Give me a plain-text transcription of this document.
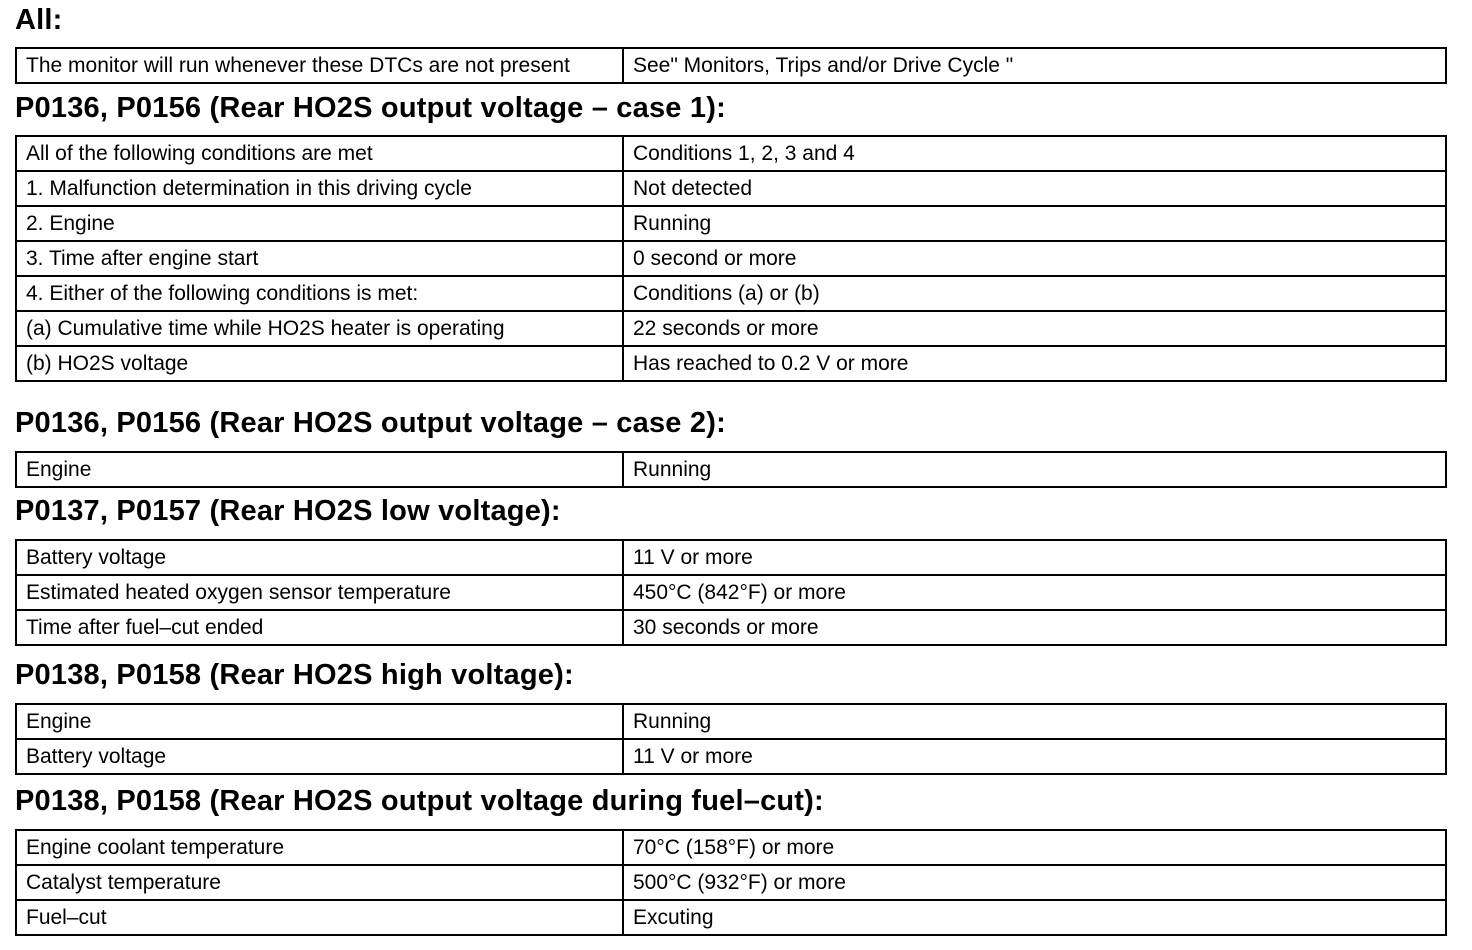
All:
The monitor will run whenever these DTCs are not present	See" Monitors, Trips and/or Drive Cycle "
P0136, P0156 (Rear HO2S output voltage – case 1):
All of the following conditions are met	Conditions 1, 2, 3 and 4
1. Malfunction determination in this driving cycle	Not detected
2. Engine	Running
3. Time after engine start	0 second or more
4. Either of the following conditions is met:	Conditions (a) or (b)
(a) Cumulative time while HO2S heater is operating	22 seconds or more
(b) HO2S voltage	Has reached to 0.2 V or more
P0136, P0156 (Rear HO2S output voltage – case 2):
Engine	Running
P0137, P0157 (Rear HO2S low voltage):
Battery voltage	11 V or more
Estimated heated oxygen sensor temperature	450°C (842°F) or more
Time after fuel–cut ended	30 seconds or more
P0138, P0158 (Rear HO2S high voltage):
Engine	Running
Battery voltage	11 V or more
P0138, P0158 (Rear HO2S output voltage during fuel–cut):
Engine coolant temperature	70°C (158°F) or more
Catalyst temperature	500°C (932°F) or more
Fuel–cut	Excuting
